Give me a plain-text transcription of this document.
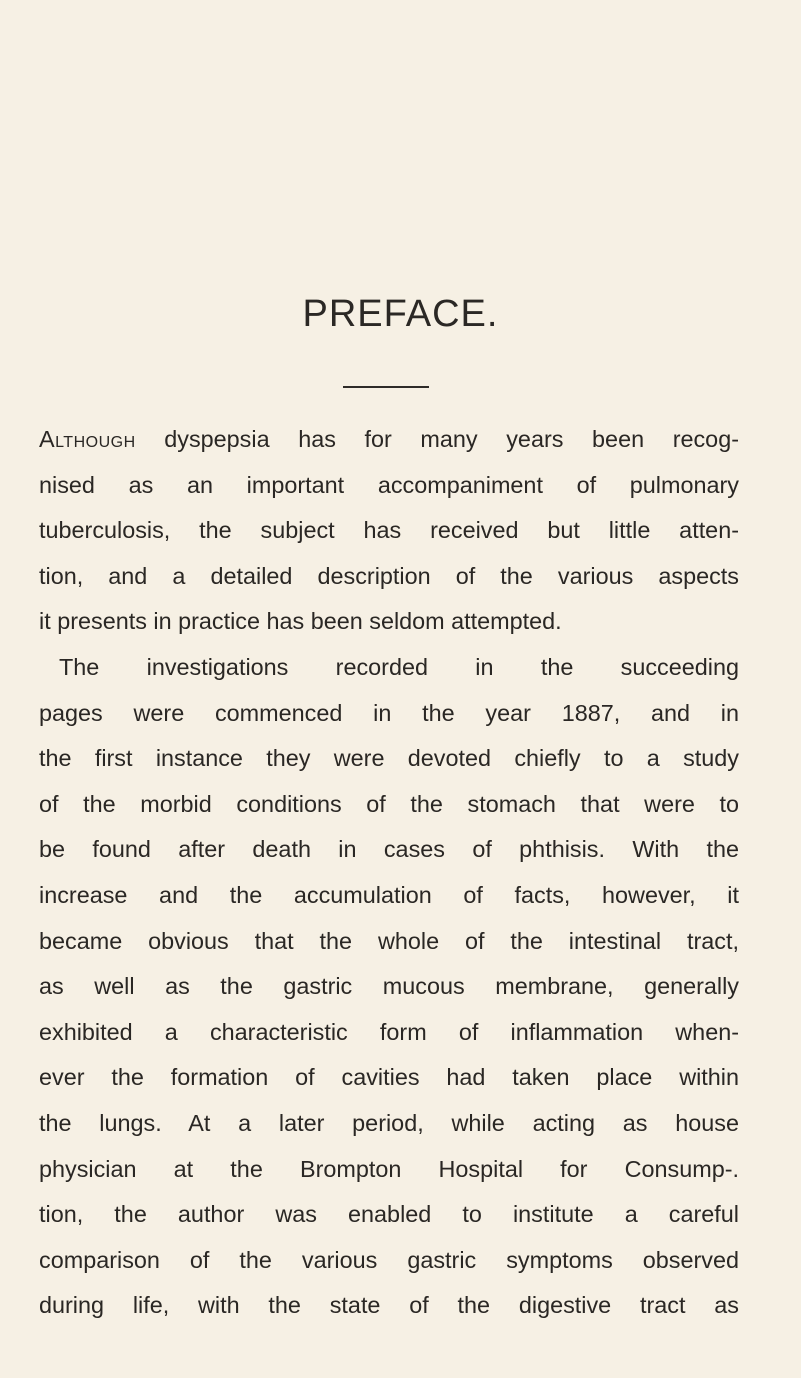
PREFACE.
Although dyspepsia has for many years been recog-
nised as an important accompaniment of pulmonary
tuberculosis, the subject has received but little atten-
tion, and a detailed description of the various aspects
it presents in practice has been seldom attempted.
The investigations recorded in the succeeding
pages were commenced in the year 1887, and in
the first instance they were devoted chiefly to a study
of the morbid conditions of the stomach that were to
be found after death in cases of phthisis. With the
increase and the accumulation of facts, however, it
became obvious that the whole of the intestinal tract,
as well as the gastric mucous membrane, generally
exhibited a characteristic form of inflammation when-
ever the formation of cavities had taken place within
the lungs. At a later period, while acting as house
physician at the Brompton Hospital for Consump-.
tion, the author was enabled to institute a careful
comparison of the various gastric symptoms observed
during life, with the state of the digestive tract as
